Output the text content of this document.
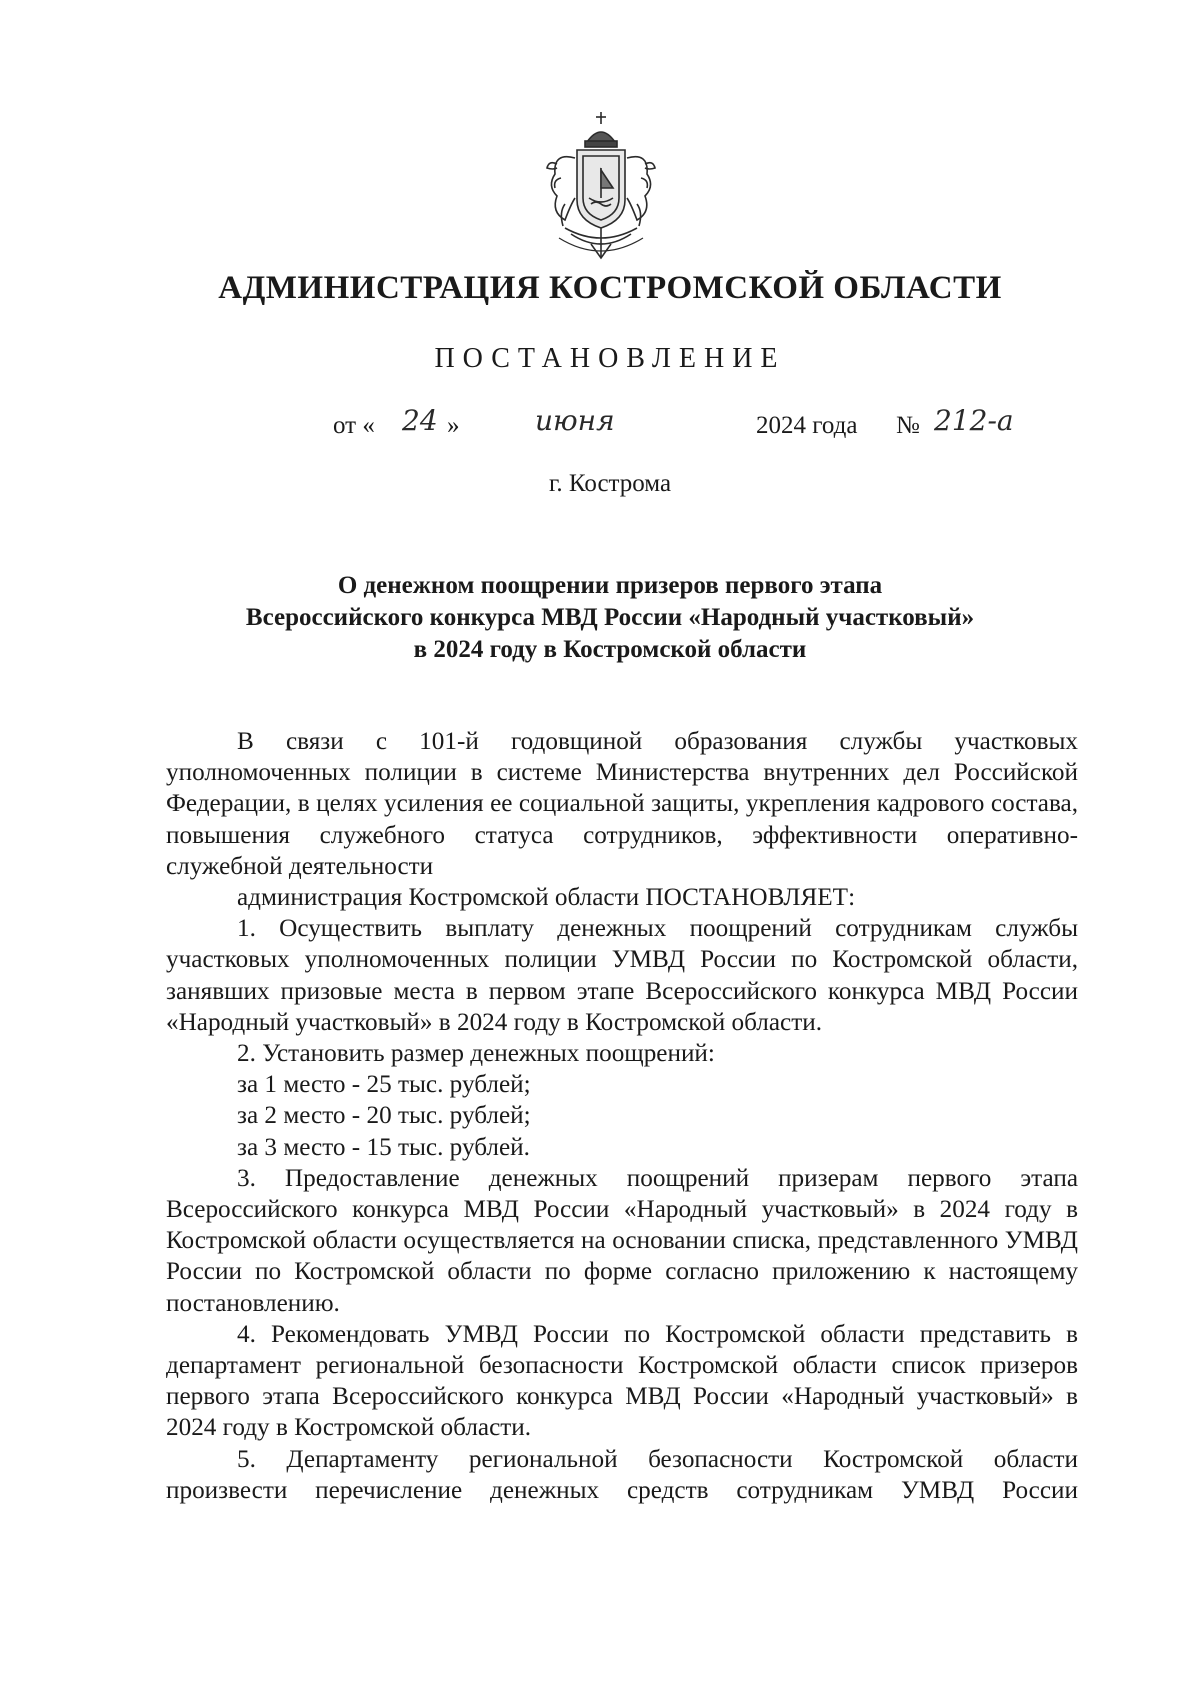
АДМИНИСТРАЦИЯ КОСТРОМСКОЙ ОБЛАСТИ
ПОСТАНОВЛЕНИЕ
от « 24 »	июня	2024 года № 212-а
г. Кострома
О денежном поощрении призеров первого этапа
Всероссийского конкурса МВД России «Народный участковый»
в 2024 году в Костромской области

В связи с 101-й годовщиной образования службы участковых уполномоченных полиции в системе Министерства внутренних дел Российской Федерации, в целях усиления ее социальной защиты, укрепления кадрового состава, повышения служебного статуса сотрудников, эффективности оперативно-служебной деятельности

администрация Костромской области ПОСТАНОВЛЯЕТ:

1. Осуществить выплату денежных поощрений сотрудникам службы участковых уполномоченных полиции УМВД России по Костромской области, занявших призовые места в первом этапе Всероссийского конкурса МВД России «Народный участковый» в 2024 году в Костромской области.

2. Установить размер денежных поощрений:

за 1 место - 25 тыс. рублей;

за 2 место - 20 тыс. рублей;

за 3 место - 15 тыс. рублей.

3. Предоставление денежных поощрений призерам первого этапа Всероссийского конкурса МВД России «Народный участковый» в 2024 году в Костромской области осуществляется на основании списка, представленного УМВД России по Костромской области по форме согласно приложению к настоящему постановлению.

4. Рекомендовать УМВД России по Костромской области представить в департамент региональной безопасности Костромской области список призеров первого этапа Всероссийского конкурса МВД России «Народный участковый» в 2024 году в Костромской области.

5. Департаменту региональной безопасности Костромской области произвести перечисление денежных средств сотрудникам УМВД России
